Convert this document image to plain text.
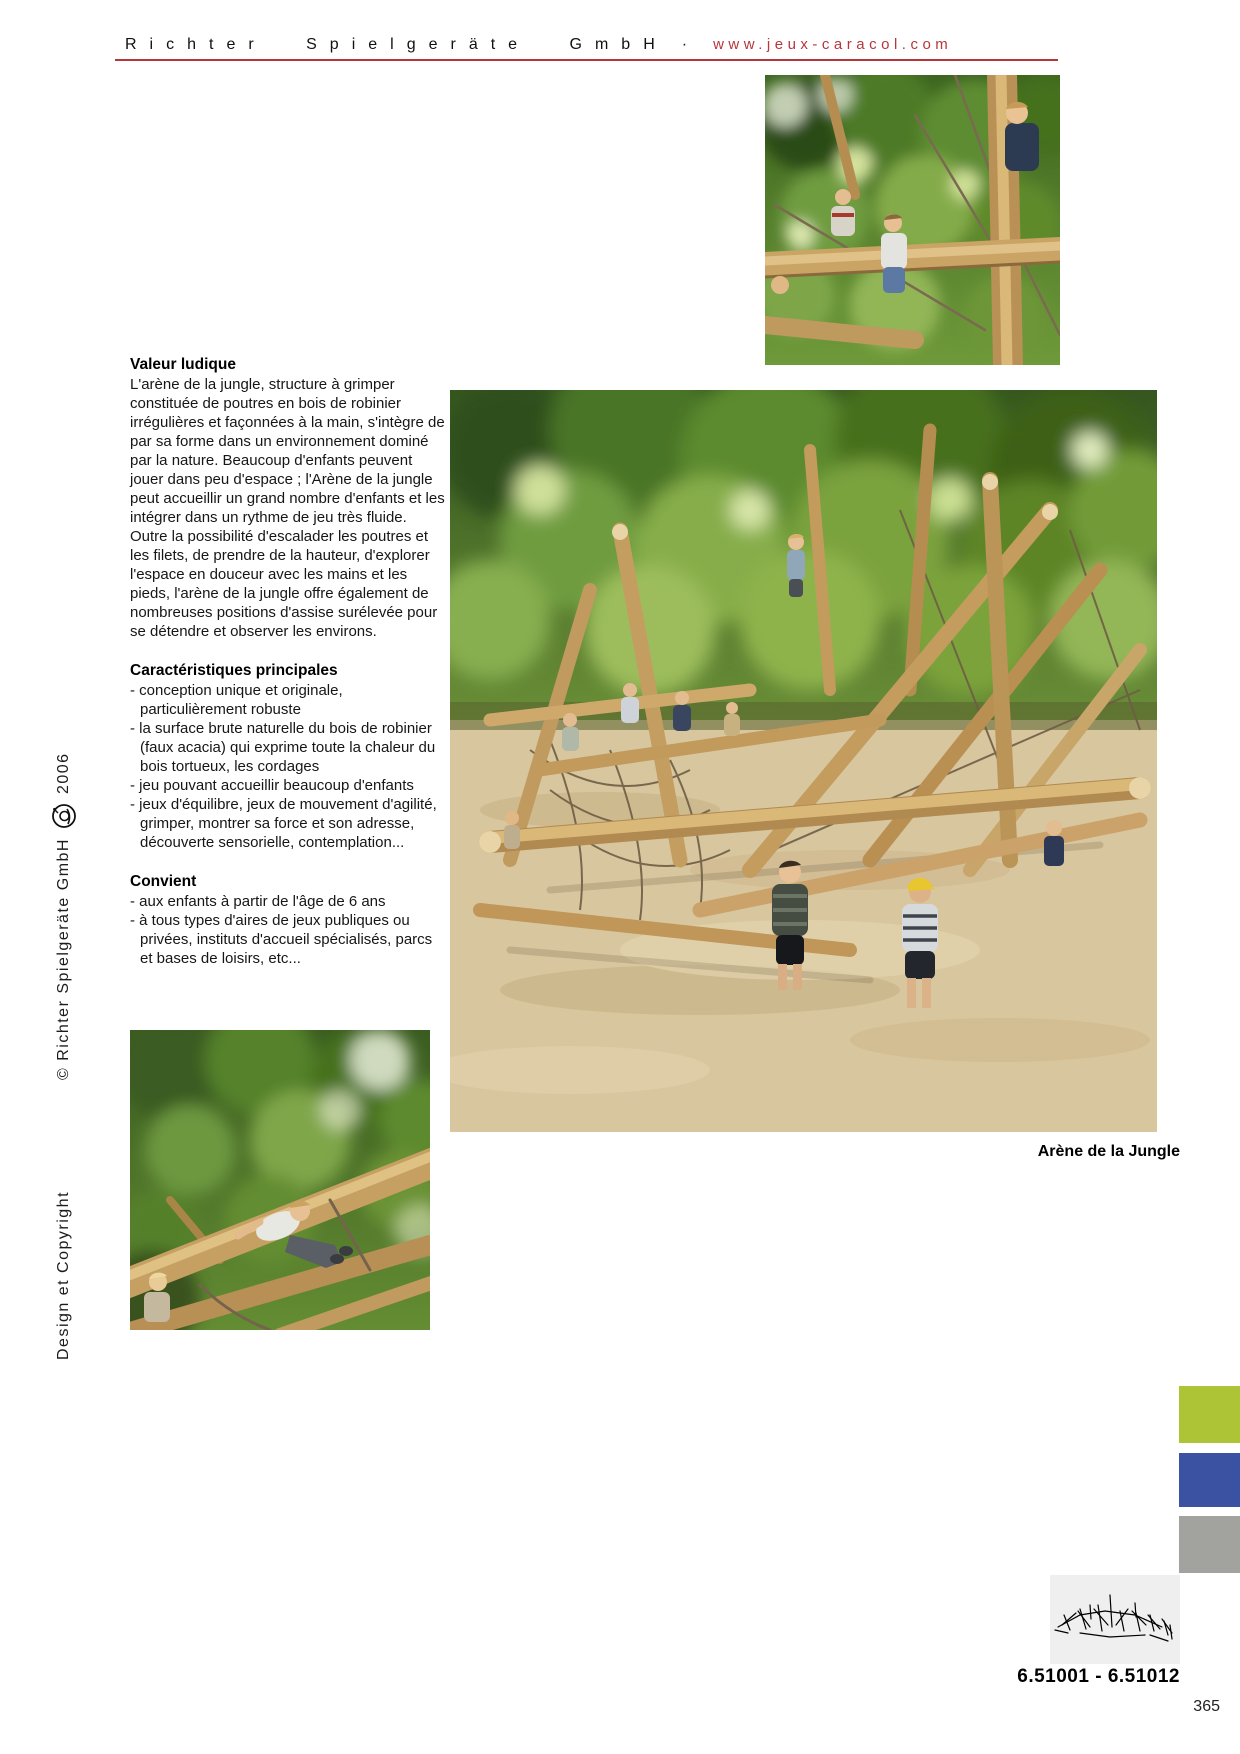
Richter Spielgeräte GmbH · www.jeux-caracol.com
Valeur ludique
L'arène de la jungle, structure à grimper constituée de poutres en bois de robinier irrégulières et façonnées à la main, s'intègre de par sa forme dans un environnement dominé par la nature. Beaucoup d'enfants peuvent jouer dans peu d'espace ; l'Arène de la jungle peut accueillir un grand nombre d'enfants et les intégrer dans un rythme de jeu très fluide. Outre la possibilité d'escalader les poutres et les filets, de prendre de la hauteur, d'explorer l'espace en douceur avec les mains et les pieds, l'arène de la jungle offre également de nombreuses positions d'assise surélevée pour se détendre et observer les environs.
Caractéristiques principales
- conception unique et originale, particulièrement robuste
- la surface brute naturelle du bois de robinier (faux acacia) qui exprime toute la chaleur du bois tortueux, les cordages
- jeu pouvant accueillir beaucoup d'enfants
- jeux d'équilibre, jeux de mouvement d'agilité, grimper, montrer sa force et son adresse, découverte sensorielle, contemplation...
Convient
- aux enfants à partir de l'âge de 6 ans
- à tous types d'aires de jeux publiques ou privées, instituts d'accueil spécialisés, parcs et bases de loisirs, etc...
Arène de la Jungle
© Richter Spielgeräte GmbH
2006
Design et Copyright
6.51001 - 6.51012
365
